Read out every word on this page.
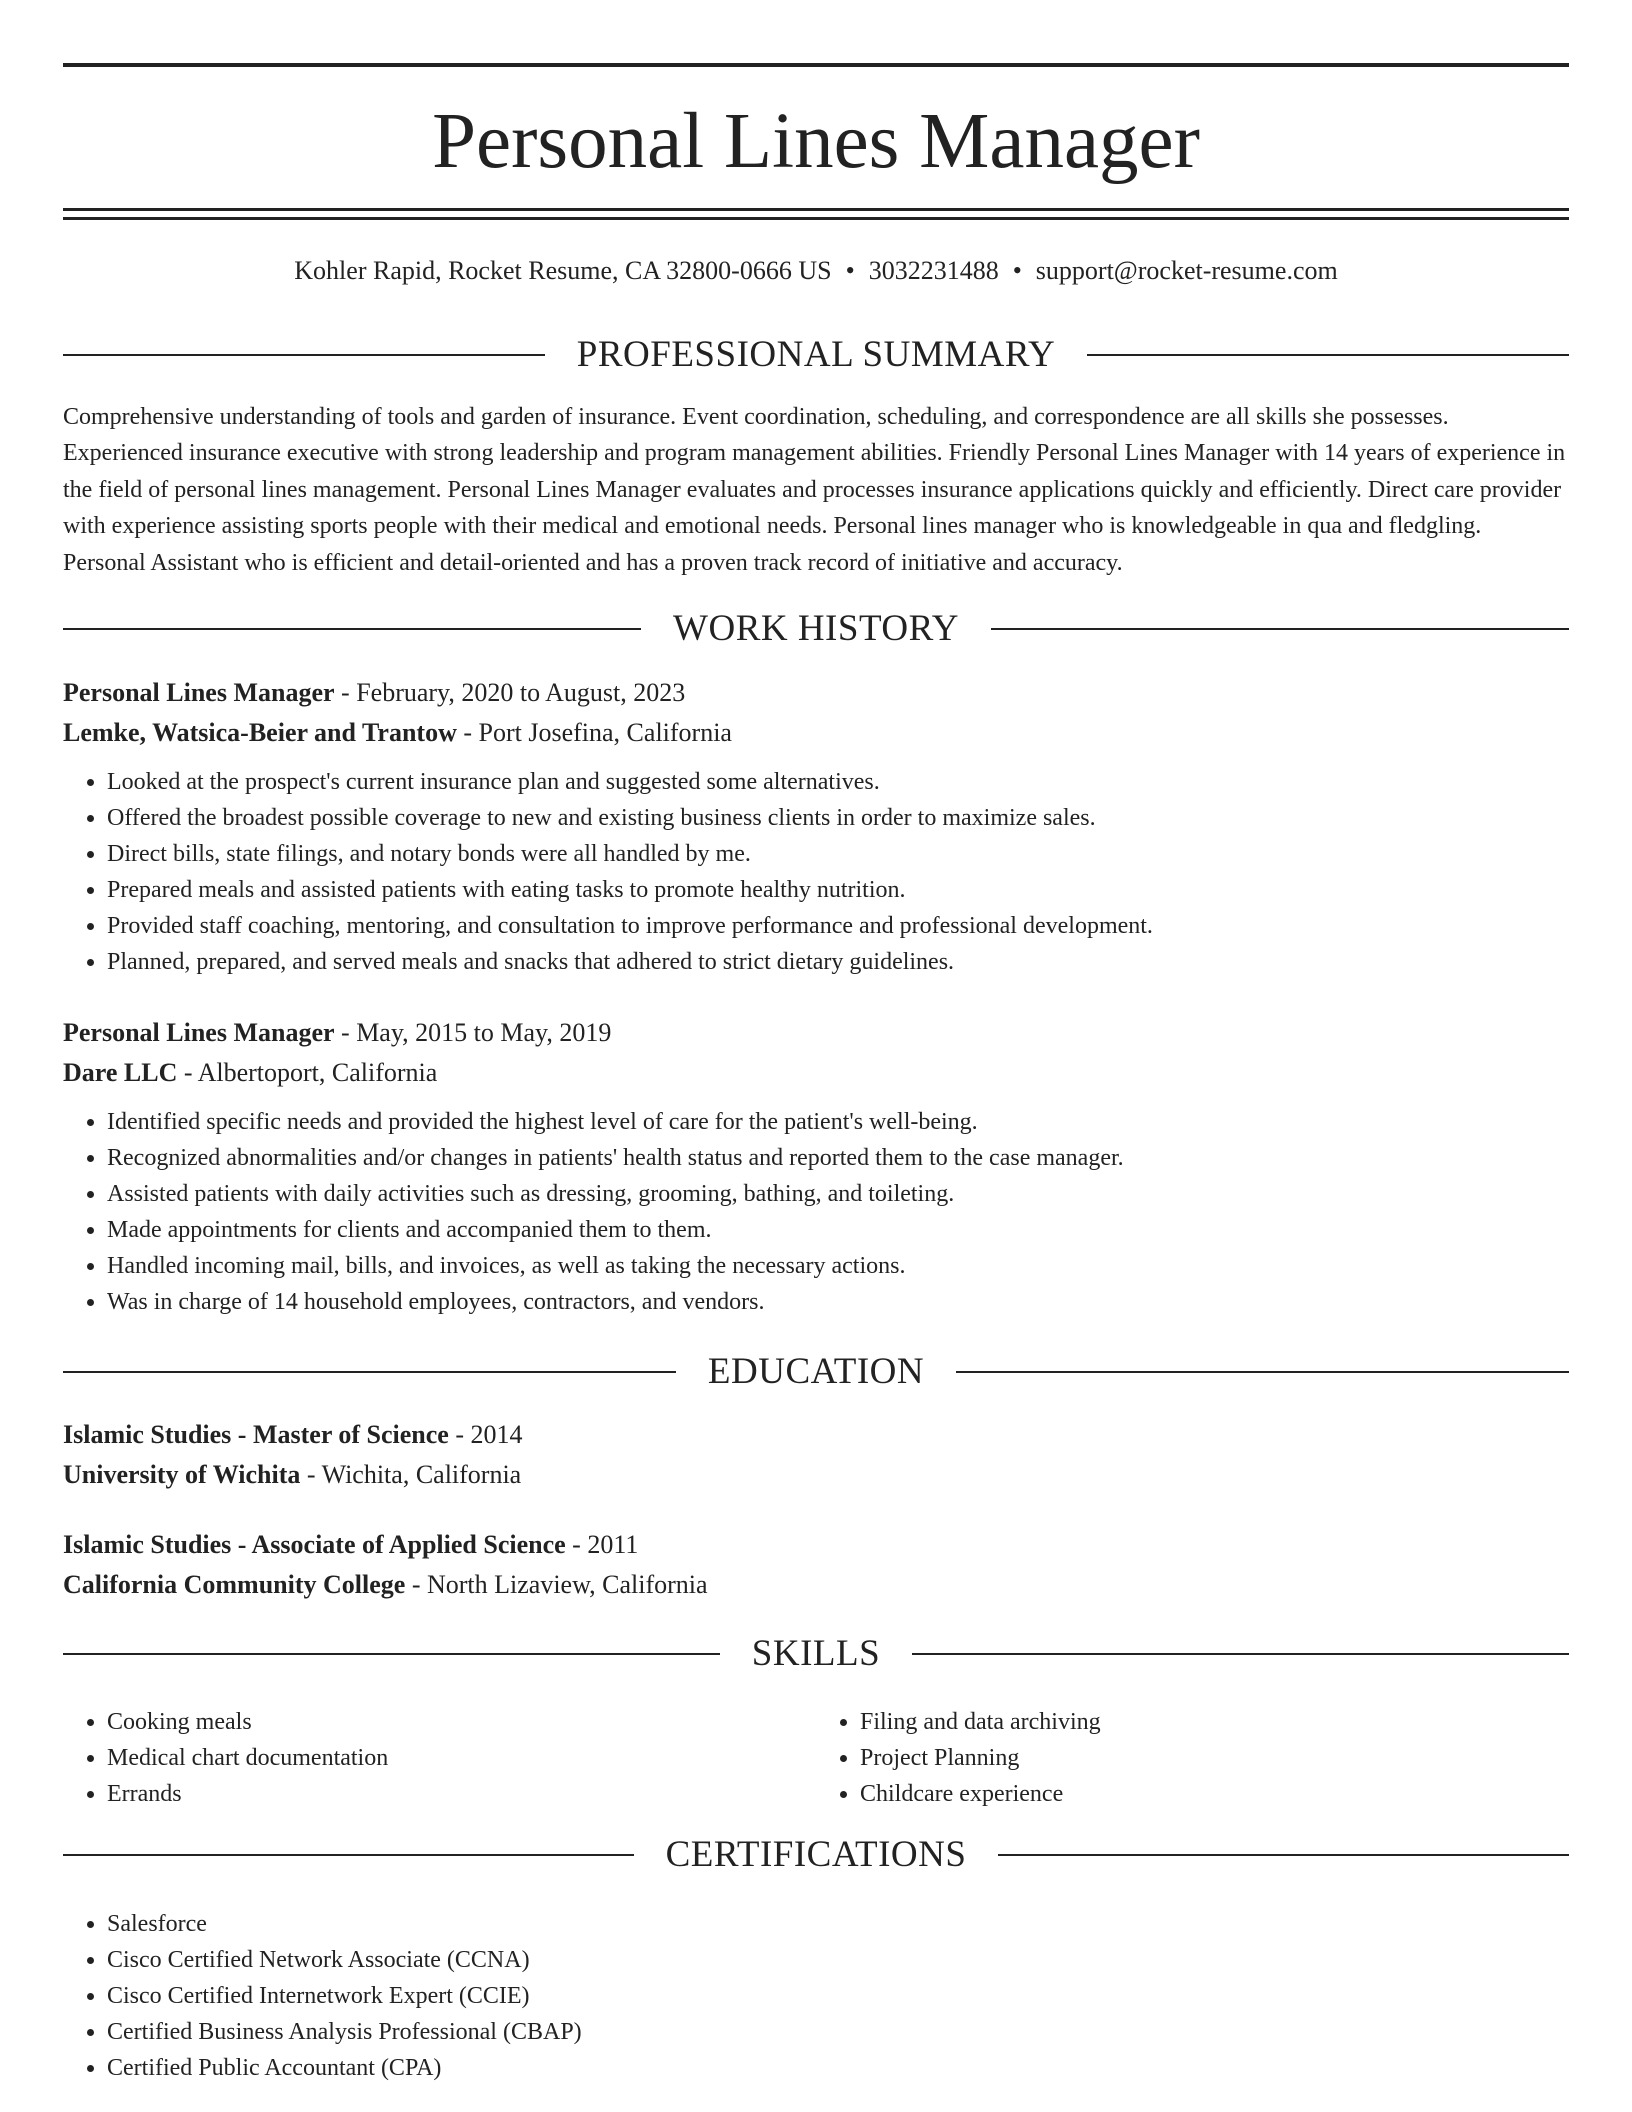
Personal Lines Manager
Kohler Rapid, Rocket Resume, CA 32800-0666 US • 3032231488 • support@rocket-resume.com
PROFESSIONAL SUMMARY

Comprehensive understanding of tools and garden of insurance. Event coordination, scheduling, and correspondence are all skills she possesses. Experienced insurance executive with strong leadership and program management abilities. Friendly Personal Lines Manager with 14 years of experience in the field of personal lines management. Personal Lines Manager evaluates and processes insurance applications quickly and efficiently. Direct care provider with experience assisting sports people with their medical and emotional needs. Personal lines manager who is knowledgeable in qua and fledgling. Personal Assistant who is efficient and detail-oriented and has a proven track record of initiative and accuracy.

WORK HISTORY
Personal Lines Manager - February, 2020 to August, 2023
Lemke, Watsica-Beier and Trantow - Port Josefina, California
• Looked at the prospect's current insurance plan and suggested some alternatives.
• Offered the broadest possible coverage to new and existing business clients in order to maximize sales.
• Direct bills, state filings, and notary bonds were all handled by me.
• Prepared meals and assisted patients with eating tasks to promote healthy nutrition.
• Provided staff coaching, mentoring, and consultation to improve performance and professional development.
• Planned, prepared, and served meals and snacks that adhered to strict dietary guidelines.
Personal Lines Manager - May, 2015 to May, 2019
Dare LLC - Albertoport, California
• Identified specific needs and provided the highest level of care for the patient's well-being.
• Recognized abnormalities and/or changes in patients' health status and reported them to the case manager.
• Assisted patients with daily activities such as dressing, grooming, bathing, and toileting.
• Made appointments for clients and accompanied them to them.
• Handled incoming mail, bills, and invoices, as well as taking the necessary actions.
• Was in charge of 14 household employees, contractors, and vendors.
EDUCATION
Islamic Studies - Master of Science - 2014
University of Wichita - Wichita, California
Islamic Studies - Associate of Applied Science - 2011
California Community College - North Lizaview, California
SKILLS
• Cooking meals
• Medical chart documentation
• Errands
• Filing and data archiving
• Project Planning
• Childcare experience
CERTIFICATIONS
• Salesforce
• Cisco Certified Network Associate (CCNA)
• Cisco Certified Internetwork Expert (CCIE)
• Certified Business Analysis Professional (CBAP)
• Certified Public Accountant (CPA)
